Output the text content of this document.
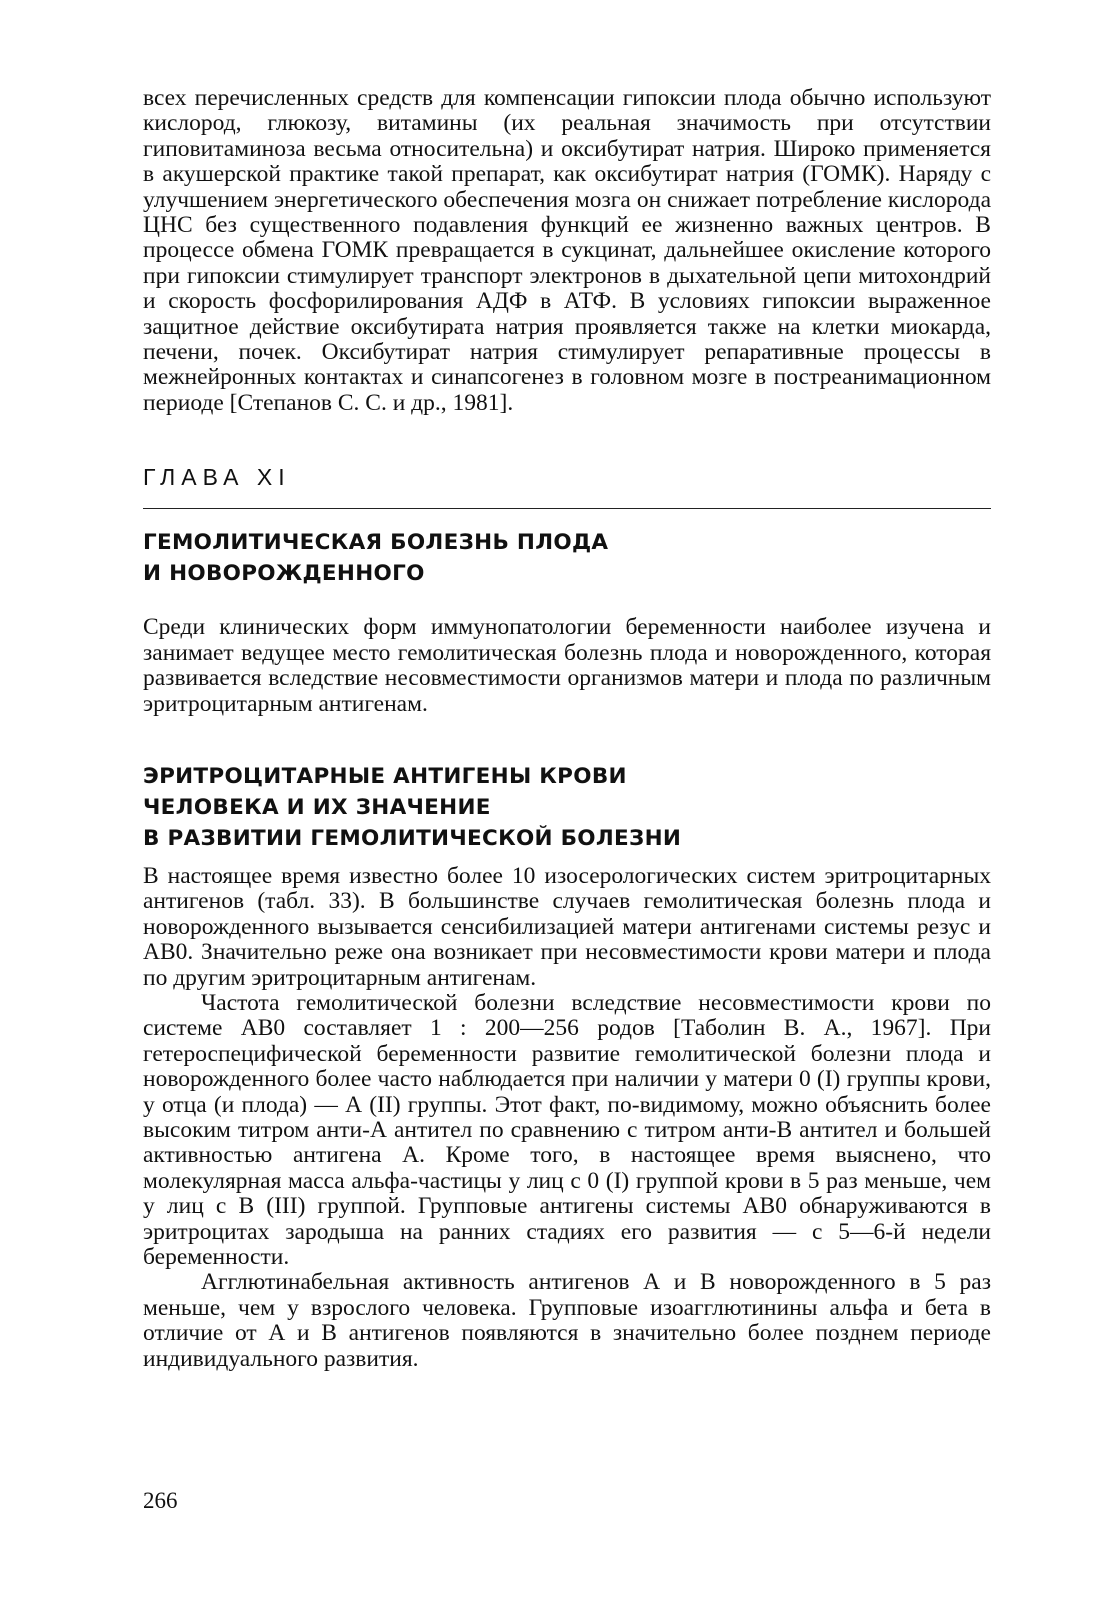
всех перечисленных средств для компенсации гипоксии плода обычно используют кислород, глюкозу, витамины (их реальная значимость при отсутствии гиповитаминоза весьма относительна) и оксибутират натрия. Широко применяется в акушерской практике такой препарат, как оксибутират натрия (ГОМК). Наряду с улучшением энергетического обеспечения мозга он снижает потребление кислорода ЦНС без существенного подавления функций ее жизненно важных центров. В процессе обмена ГОМК превращается в сукцинат, дальнейшее окисление которого при гипоксии стимулирует транспорт электронов в дыхательной цепи митохондрий и скорость фосфорилирования АДФ в АТФ. В условиях гипоксии выраженное защитное действие оксибутирата натрия проявляется также на клетки миокарда, печени, почек. Оксибутират натрия стимулирует репаративные процессы в межнейронных контактах и синапсогенез в головном мозге в постреанимационном периоде [Степанов С. С. и др., 1981].
ГЛАВА XI
ГЕМОЛИТИЧЕСКАЯ БОЛЕЗНЬ ПЛОДА
И НОВОРОЖДЕННОГО
Среди клинических форм иммунопатологии беременности наиболее изучена и занимает ведущее место гемолитическая болезнь плода и новорожденного, которая развивается вследствие несовместимости организмов матери и плода по различным эритроцитарным антигенам.
ЭРИТРОЦИТАРНЫЕ АНТИГЕНЫ КРОВИ
ЧЕЛОВЕКА И ИХ ЗНАЧЕНИЕ
В РАЗВИТИИ ГЕМОЛИТИЧЕСКОЙ БОЛЕЗНИ

В настоящее время известно более 10 изосерологических систем эритроцитарных антигенов (табл. 33). В большинстве случаев гемолитическая болезнь плода и новорожденного вызывается сенсибилизацией матери антигенами системы резус и АВ0. Значительно реже она возникает при несовместимости крови матери и плода по другим эритроцитарным антигенам.

Частота гемолитической болезни вследствие несовместимости крови по системе АВ0 составляет 1 : 200—256 родов [Таболин В. А., 1967]. При гетероспецифической беременности развитие гемолитической болезни плода и новорожденного более часто наблюдается при наличии у матери 0 (I) группы крови, у отца (и плода) — А (II) группы. Этот факт, по-видимому, можно объяснить более высоким титром анти-А антител по сравнению с титром анти-В антител и большей активностью антигена А. Кроме того, в настоящее время выяснено, что молекулярная масса альфа-частицы у лиц с 0 (I) группой крови в 5 раз меньше, чем у лиц с В (III) группой. Групповые антигены системы АВ0 обнаруживаются в эритроцитах зародыша на ранних стадиях его развития — с 5—6-й недели беременности.

Агглютинабельная активность антигенов А и В новорожденного в 5 раз меньше, чем у взрослого человека. Групповые изоагглютинины альфа и бета в отличие от А и В антигенов появляются в значительно более позднем периоде индивидуального развития.

266
